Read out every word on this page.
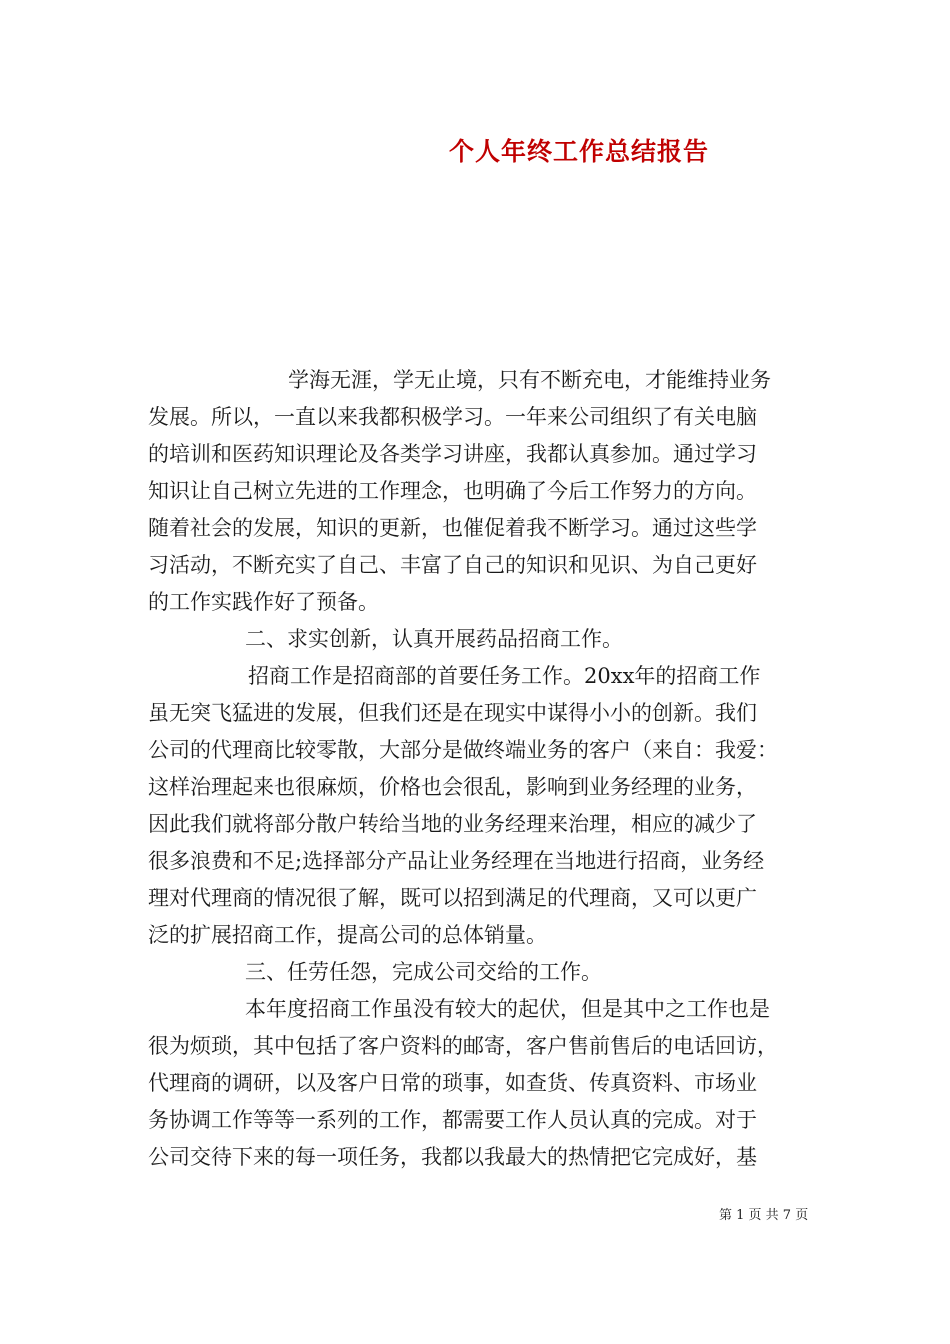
个人年终工作总结报告
学海无涯，学无止境，只有不断充电，才能维持业务
发展。所以，一直以来我都积极学习。一年来公司组织了有关电脑
的培训和医药知识理论及各类学习讲座，我都认真参加。通过学习
知识让自己树立先进的工作理念，也明确了今后工作努力的方向。
随着社会的发展，知识的更新，也催促着我不断学习。通过这些学
习活动，不断充实了自己、丰富了自己的知识和见识、为自己更好
的工作实践作好了预备。
二、求实创新，认真开展药品招商工作。
招商工作是招商部的首要任务工作。20xx年的招商工作
虽无突飞猛进的发展，但我们还是在现实中谋得小小的创新。我们
公司的代理商比较零散，大部分是做终端业务的客户（来自：我爱：
这样治理起来也很麻烦，价格也会很乱，影响到业务经理的业务，
因此我们就将部分散户转给当地的业务经理来治理，相应的减少了
很多浪费和不足;选择部分产品让业务经理在当地进行招商，业务经
理对代理商的情况很了解，既可以招到满足的代理商，又可以更广
泛的扩展招商工作，提高公司的总体销量。
三、任劳任怨，完成公司交给的工作。
本年度招商工作虽没有较大的起伏，但是其中之工作也是
很为烦琐，其中包括了客户资料的邮寄，客户售前售后的电话回访，
代理商的调研，以及客户日常的琐事，如查货、传真资料、市场业
务协调工作等等一系列的工作，都需要工作人员认真的完成。对于
公司交待下来的每一项任务，我都以我最大的热情把它完成好，基
第 1 页 共 7 页
